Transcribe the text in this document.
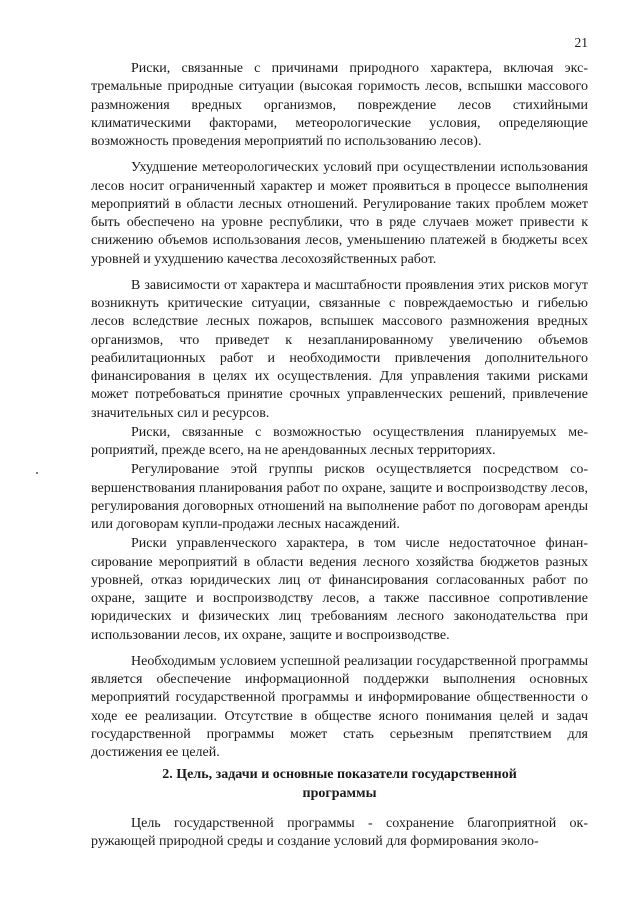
21

Риски, связанные с причинами природного характера, включая экстремальные природные ситуации (высокая горимость лесов, вспышки массового размножения вредных организмов, повреждение лесов стихийными климатическими факторами, метеорологические условия, определяющие возможность проведения мероприятий по использованию лесов).

Ухудшение метеорологических условий при осуществлении использования лесов носит ограниченный характер и может проявиться в процессе выполнения мероприятий в области лесных отношений. Регулирование таких проблем может быть обеспечено на уровне республики, что в ряде случаев может привести к снижению объемов использования лесов, уменьшению платежей в бюджеты всех уровней и ухудшению качества лесохозяйственных работ.

В зависимости от характера и масштабности проявления этих рисков могут возникнуть критические ситуации, связанные с повреждаемостью и гибелью лесов вследствие лесных пожаров, вспышек массового размножения вредных организмов, что приведет к незапланированному увеличению объемов реабилитационных работ и необходимости привлечения дополнительного финансирования в целях их осуществления. Для управления такими рисками может потребоваться принятие срочных управленческих решений, привлечение значительных сил и ресурсов.

Риски, связанные с возможностью осуществления планируемых мероприятий, прежде всего, на не арендованных лесных территориях.

Регулирование этой группы рисков осуществляется посредством совершенствования планирования работ по охране, защите и воспроизводству лесов, регулирования договорных отношений на выполнение работ по договорам аренды или договорам купли-продажи лесных насаждений.

Риски управленческого характера, в том числе недостаточное финансирование мероприятий в области ведения лесного хозяйства бюджетов разных уровней, отказ юридических лиц от финансирования согласованных работ по охране, защите и воспроизводству лесов, а также пассивное сопротивление юридических и физических лиц требованиям лесного законодательства при использовании лесов, их охране, защите и воспроизводстве.

Необходимым условием успешной реализации государственной программы является обеспечение информационной поддержки выполнения основных мероприятий государственной программы и информирование общественности о ходе ее реализации. Отсутствие в обществе ясного понимания целей и задач государственной программы может стать серьезным препятствием для достижения ее целей.

2. Цель, задачи и основные показатели государственной
программы

Цель государственной программы - сохранение благоприятной окружающей природной среды и создание условий для формирования эколо-
